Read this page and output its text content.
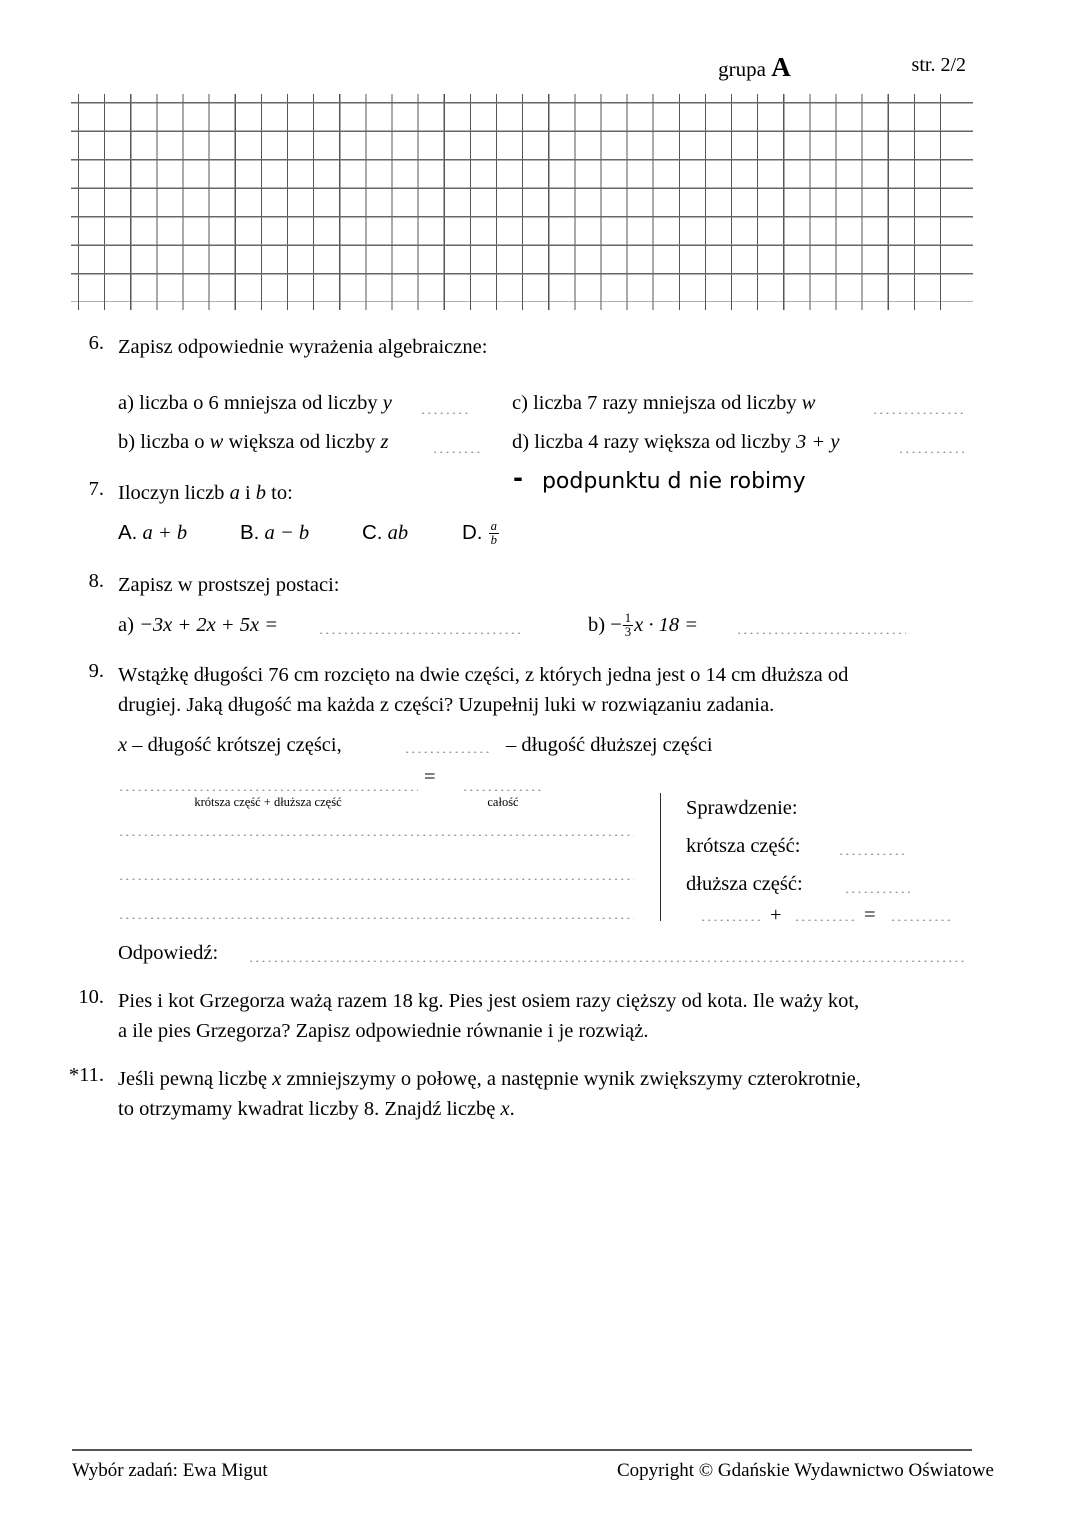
grupa A	str. 2/2
6. Zapisz odpowiednie wyrażenia algebraiczne:
a) liczba o 6 mniejsza od liczby y
b) liczba o w większa od liczby z
c) liczba 7 razy mniejsza od liczby w
d) liczba 4 razy większa od liczby 3 + y
- podpunktu d nie robimy
7. Iloczyn liczb a i b to:
A. a + b	B. a − b	C. ab	D. $\frac{a}{b}$
8. Zapisz w prostszej postaci:
a) −3x + 2x + 5x =	$b) - \frac{1}{3}$ x · 18 =
9. Wstążkę długości 76 cm rozcięto na dwie części, z których jedna jest o 14 cm dłuższa od
drugiej. Jaką długość ma każda z części? Uzupełnij luki w rozwiązaniu zadania.
x – długość krótszej części,	– długość dłuższej części
=
krótsza część + dłuższa część	całość	Sprawdzenie:
krótsza część:
dłuższa część:
+	=
Odpowiedź:
10. Pies i kot Grzegorza ważą razem 18 kg. Pies jest osiem razy cięższy od kota. Ile waży kot,
a ile pies Grzegorza? Zapisz odpowiednie równanie i je rozwiąż.
*11. Jeśli pewną liczbę x zmniejszymy o połowę, a następnie wynik zwiększymy czterokrotnie,
to otrzymamy kwadrat liczby 8. Znajdź liczbę x.
Wybór zadań: Ewa Migut	Copyright © Gdańskie Wydawnictwo Oświatowe
